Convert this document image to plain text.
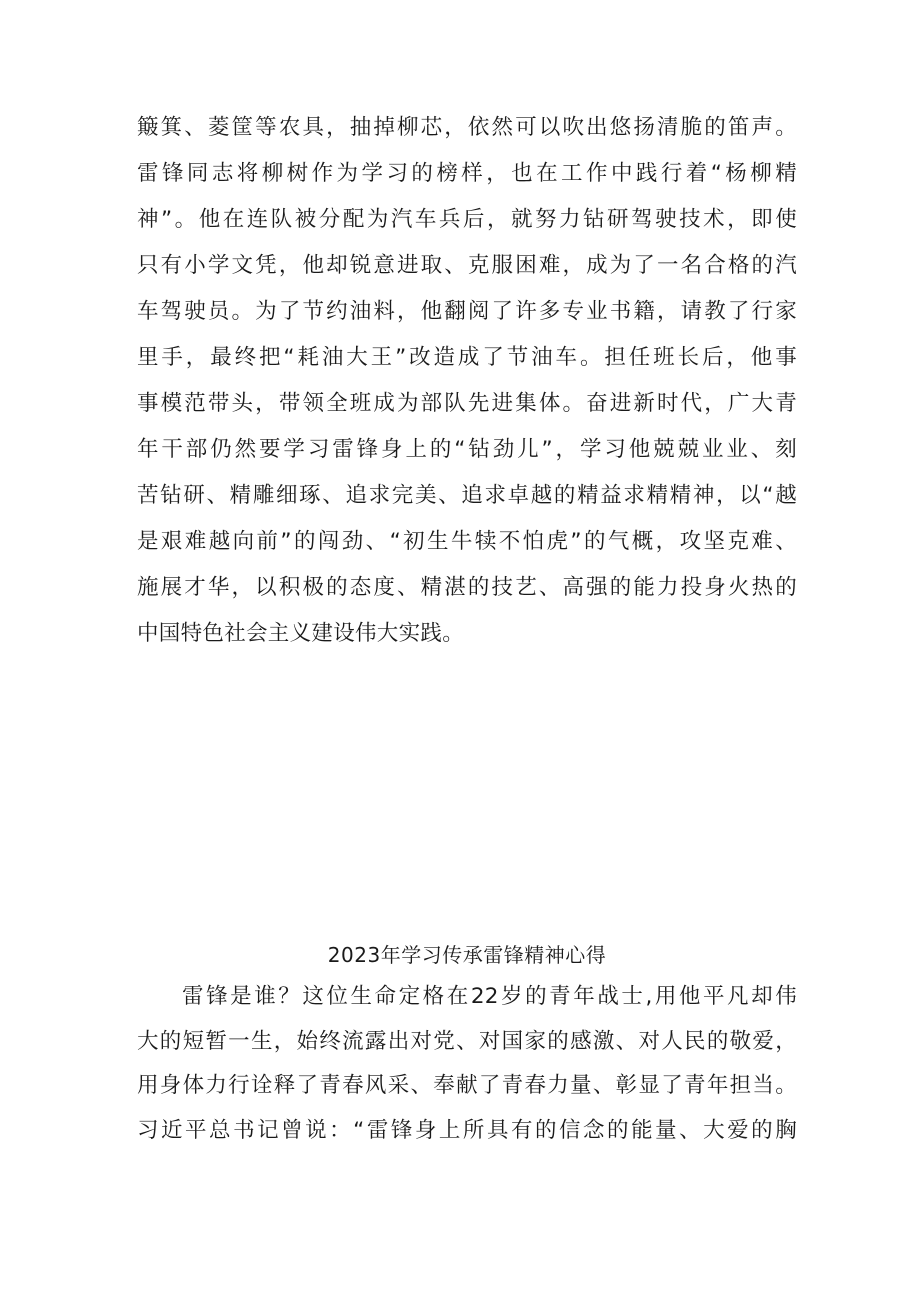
簸箕、菱筐等农具，抽掉柳芯，依然可以吹出悠扬清脆的笛声。
雷锋同志将柳树作为学习的榜样，也在工作中践行着“杨柳精
神”。他在连队被分配为汽车兵后，就努力钻研驾驶技术，即使
只有小学文凭，他却锐意进取、克服困难，成为了一名合格的汽
车驾驶员。为了节约油料，他翻阅了许多专业书籍，请教了行家
里手，最终把“耗油大王”改造成了节油车。担任班长后，他事
事模范带头，带领全班成为部队先进集体。奋进新时代，广大青
年干部仍然要学习雷锋身上的“钻劲儿”，学习他兢兢业业、刻
苦钻研、精雕细琢、追求完美、追求卓越的精益求精精神，以“越
是艰难越向前”的闯劲、“初生牛犊不怕虎”的气概，攻坚克难、
施展才华，以积极的态度、精湛的技艺、高强的能力投身火热的
中国特色社会主义建设伟大实践。
2023年学习传承雷锋精神心得
雷锋是谁？这位生命定格在22岁的青年战士,用他平凡却伟
大的短暂一生，始终流露出对党、对国家的感激、对人民的敬爱，
用身体力行诠释了青春风采、奉献了青春力量、彰显了青年担当。
习近平总书记曾说：“雷锋身上所具有的信念的能量、大爱的胸
